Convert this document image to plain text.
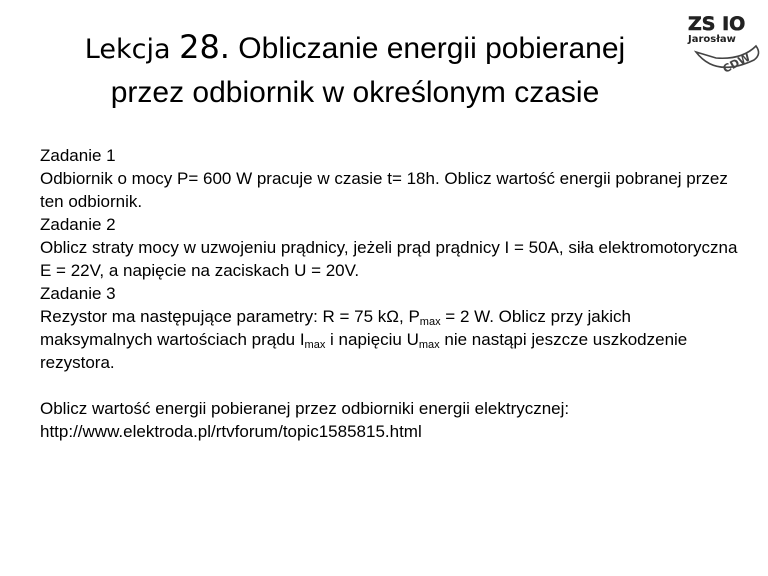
ZS IO
Jarosław
CDW
Lekcja 28. Obliczanie energii pobieranej
przez odbiornik w określonym czasie

Zadanie 1

Odbiornik o mocy P= 600 W pracuje w czasie t= 18h. Oblicz wartość energii pobranej przez ten odbiornik.

Zadanie 2

Oblicz straty mocy w uzwojeniu prądnicy, jeżeli prąd prądnicy I = 50A, siła elektromotoryczna E = 22V, a napięcie na zaciskach U = 20V.

Zadanie 3

Rezystor ma następujące parametry: R = 75 kΩ, $P_{max} = 2$ W. Oblicz przy jakich maksymalnych wartościach prądu $I_{max}$ i napięciu $U_{max}$ nie nastąpi jeszcze uszkodzenie rezystora.

Oblicz wartość energii pobieranej przez odbiorniki energii elektrycznej:

http://www.elektroda.pl/rtvforum/topic1585815.html
